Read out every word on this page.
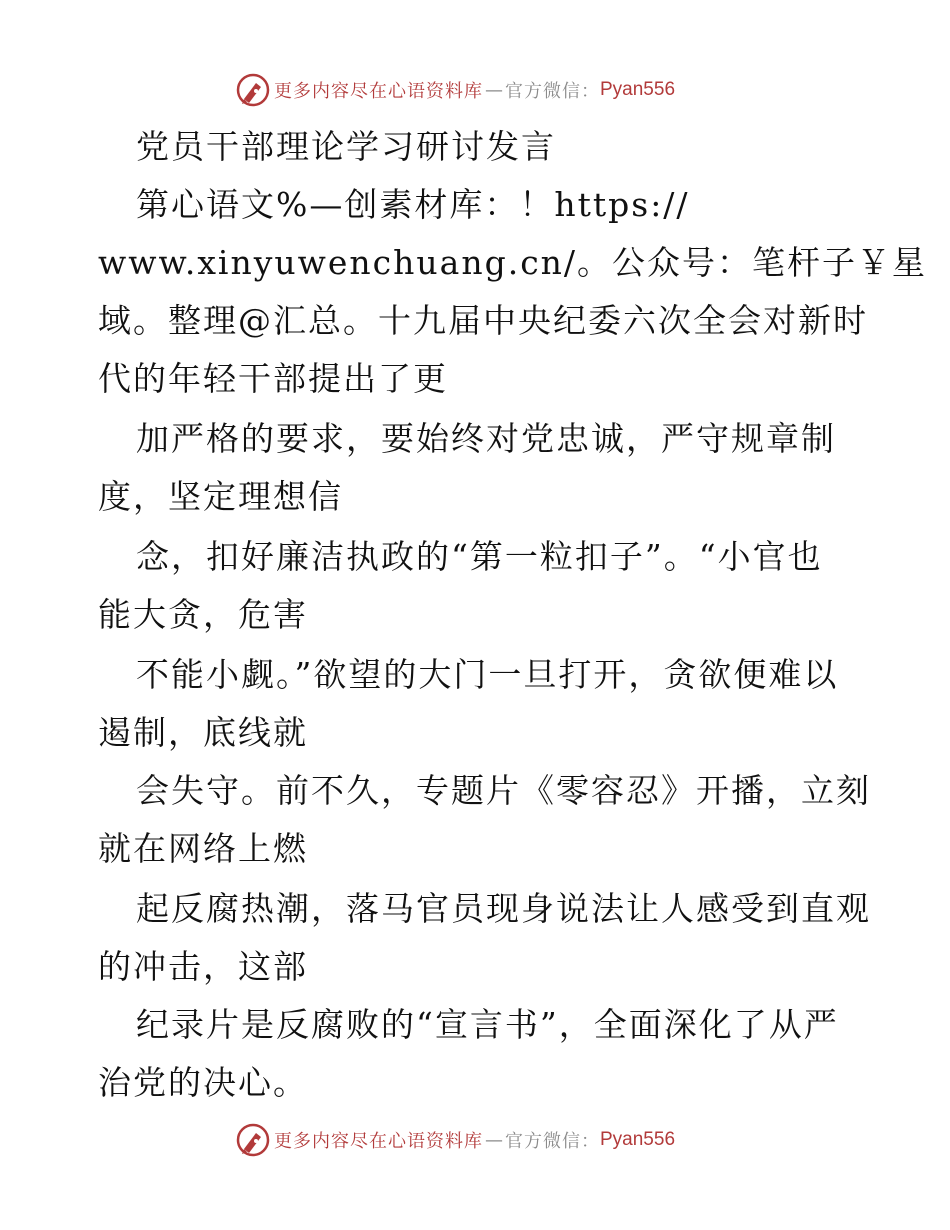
更多内容尽在心语资料库 — 官方微信： Pyan556

党员干部理论学习研讨发言

第心语文%—创素材库：！https://

www.xinyuwenchuang.cn/。公众号：笔杆子￥星

域。整理@汇总。十九届中央纪委六次全会对新时

代的年轻干部提出了更

加严格的要求，要始终对党忠诚，严守规章制

度，坚定理想信

念，扣好廉洁执政的“第一粒扣子”。“小官也

能大贪，危害

不能小觑。”欲望的大门一旦打开，贪欲便难以

遏制，底线就

会失守。前不久，专题片《零容忍》开播，立刻

就在网络上燃

起反腐热潮，落马官员现身说法让人感受到直观

的冲击，这部

纪录片是反腐败的“宣言书”，全面深化了从严

治党的决心。

更多内容尽在心语资料库 — 官方微信： Pyan556
